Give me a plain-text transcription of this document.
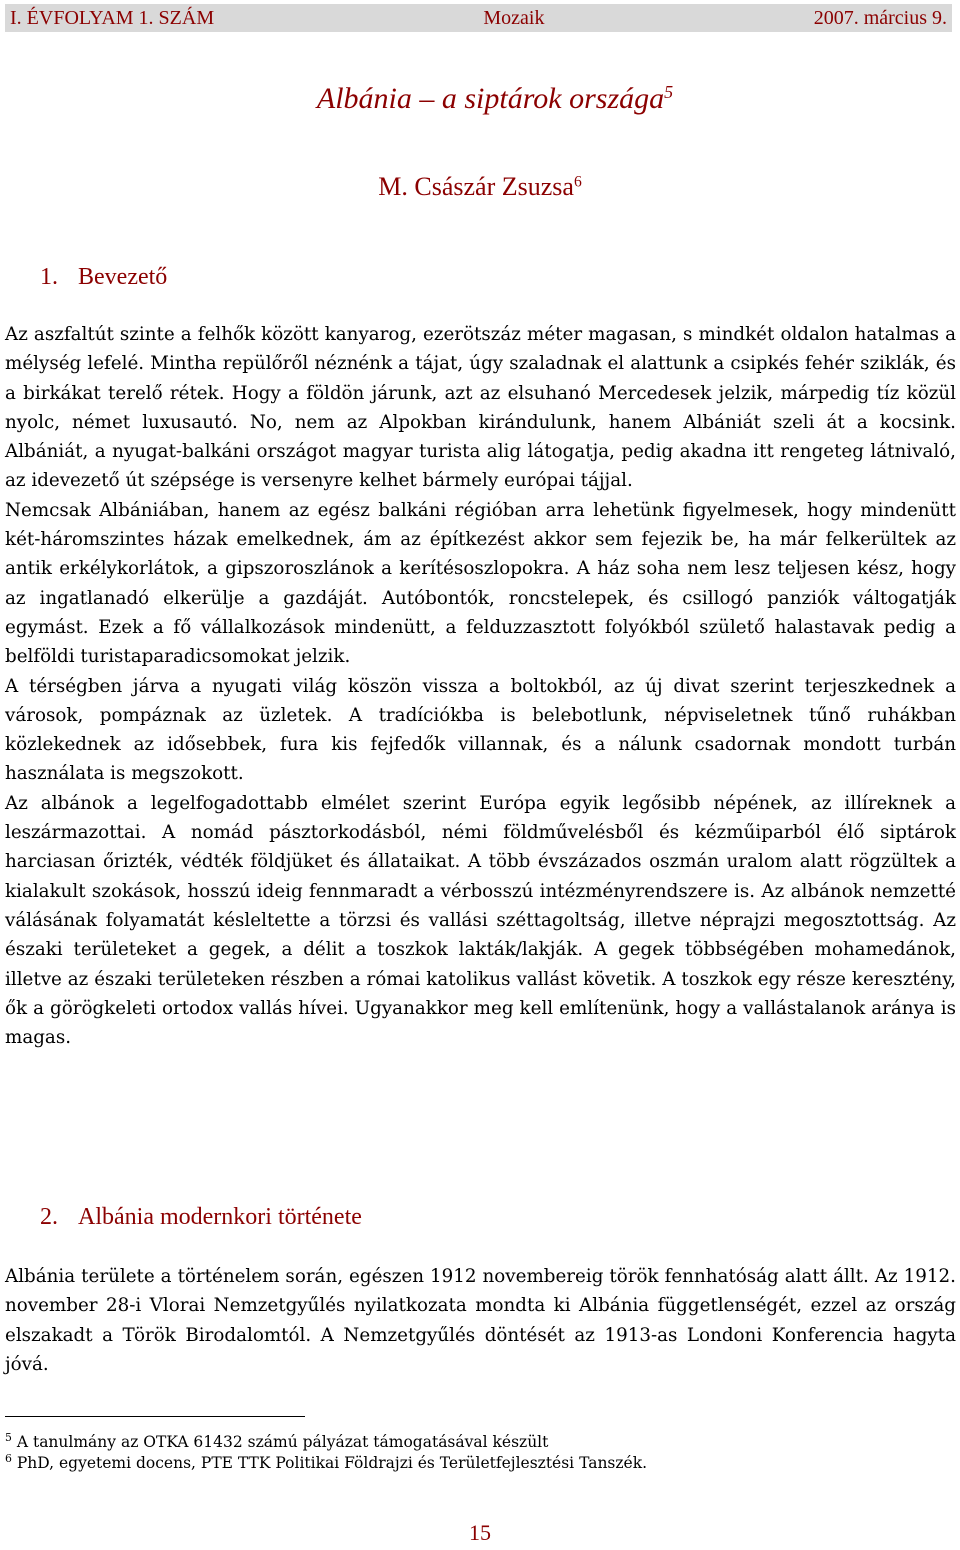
I. ÉVFOLYAM 1. SZÁM	Mozaik	2007. március 9.
Albánia – a siptárok országa$^5$
M. Császár Zsuzsa$^6$
1. Bevezető

Az aszfaltút szinte a felhők között kanyarog, ezerötszáz méter magasan, s mindkét oldalon hatalmas a mélység lefelé. Mintha repülőről néznénk a tájat, úgy szaladnak el alattunk a csipkés fehér sziklák, és a birkákat terelő rétek. Hogy a földön járunk, azt az elsuhanó Mercedesek jelzik, márpedig tíz közül nyolc, német luxusautó. No, nem az Alpokban kirándulunk, hanem Albániát szeli át a kocsink. Albániát, a nyugat-balkáni országot magyar turista alig látogatja, pedig akadna itt rengeteg látnivaló, az idevezető út szépsége is versenyre kelhet bármely európai tájjal.

Nemcsak Albániában, hanem az egész balkáni régióban arra lehetünk figyelmesek, hogy mindenütt két-háromszintes házak emelkednek, ám az építkezést akkor sem fejezik be, ha már felkerültek az antik erkélykorlátok, a gipszoroszlánok a kerítésoszlopokra. A ház soha nem lesz teljesen kész, hogy az ingatlanadó elkerülje a gazdáját. Autóbontók, roncstelepek, és csillogó panziók váltogatják egymást. Ezek a fő vállalkozások mindenütt, a felduzzasztott folyókból születő halastavak pedig a belföldi turistaparadicsomokat jelzik.

A térségben járva a nyugati világ köszön vissza a boltokból, az új divat szerint terjeszkednek a városok, pompáznak az üzletek. A tradíciókba is belebotlunk, népviseletnek tűnő ruhákban közlekednek az idősebbek, fura kis fejfedők villannak, és a nálunk csadornak mondott turbán használata is megszokott.

Az albánok a legelfogadottabb elmélet szerint Európa egyik legősibb népének, az illíreknek a leszármazottai. A nomád pásztorkodásból, némi földművelésből és kézműiparból élő siptárok harciasan őrizték, védték földjüket és állataikat. A több évszázados oszmán uralom alatt rögzültek a kialakult szokások, hosszú ideig fennmaradt a vérbosszú intézményrendszere is. Az albánok nemzetté válásának folyamatát késleltette a törzsi és vallási széttagoltság, illetve néprajzi megosztottság. Az északi területeket a gegek, a délit a toszkok lakták/lakják. A gegek többségében mohamedánok, illetve az északi területeken részben a római katolikus vallást követik. A toszkok egy része keresztény, ők a görögkeleti ortodox vallás hívei. Ugyanakkor meg kell említenünk, hogy a vallástalanok aránya is magas.

2. Albánia modernkori története

Albánia területe a történelem során, egészen 1912 novembereig török fennhatóság alatt állt. Az 1912. november 28-i Vlorai Nemzetgyűlés nyilatkozata mondta ki Albánia függetlenségét, ezzel az ország elszakadt a Török Birodalomtól. A Nemzetgyűlés döntését az 1913-as Londoni Konferencia hagyta jóvá.

$^5$ A tanulmány az OTKA 61432 számú pályázat támogatásával készült
$^6$ PhD, egyetemi docens, PTE TTK Politikai Földrajzi és Területfejlesztési Tanszék.
15
